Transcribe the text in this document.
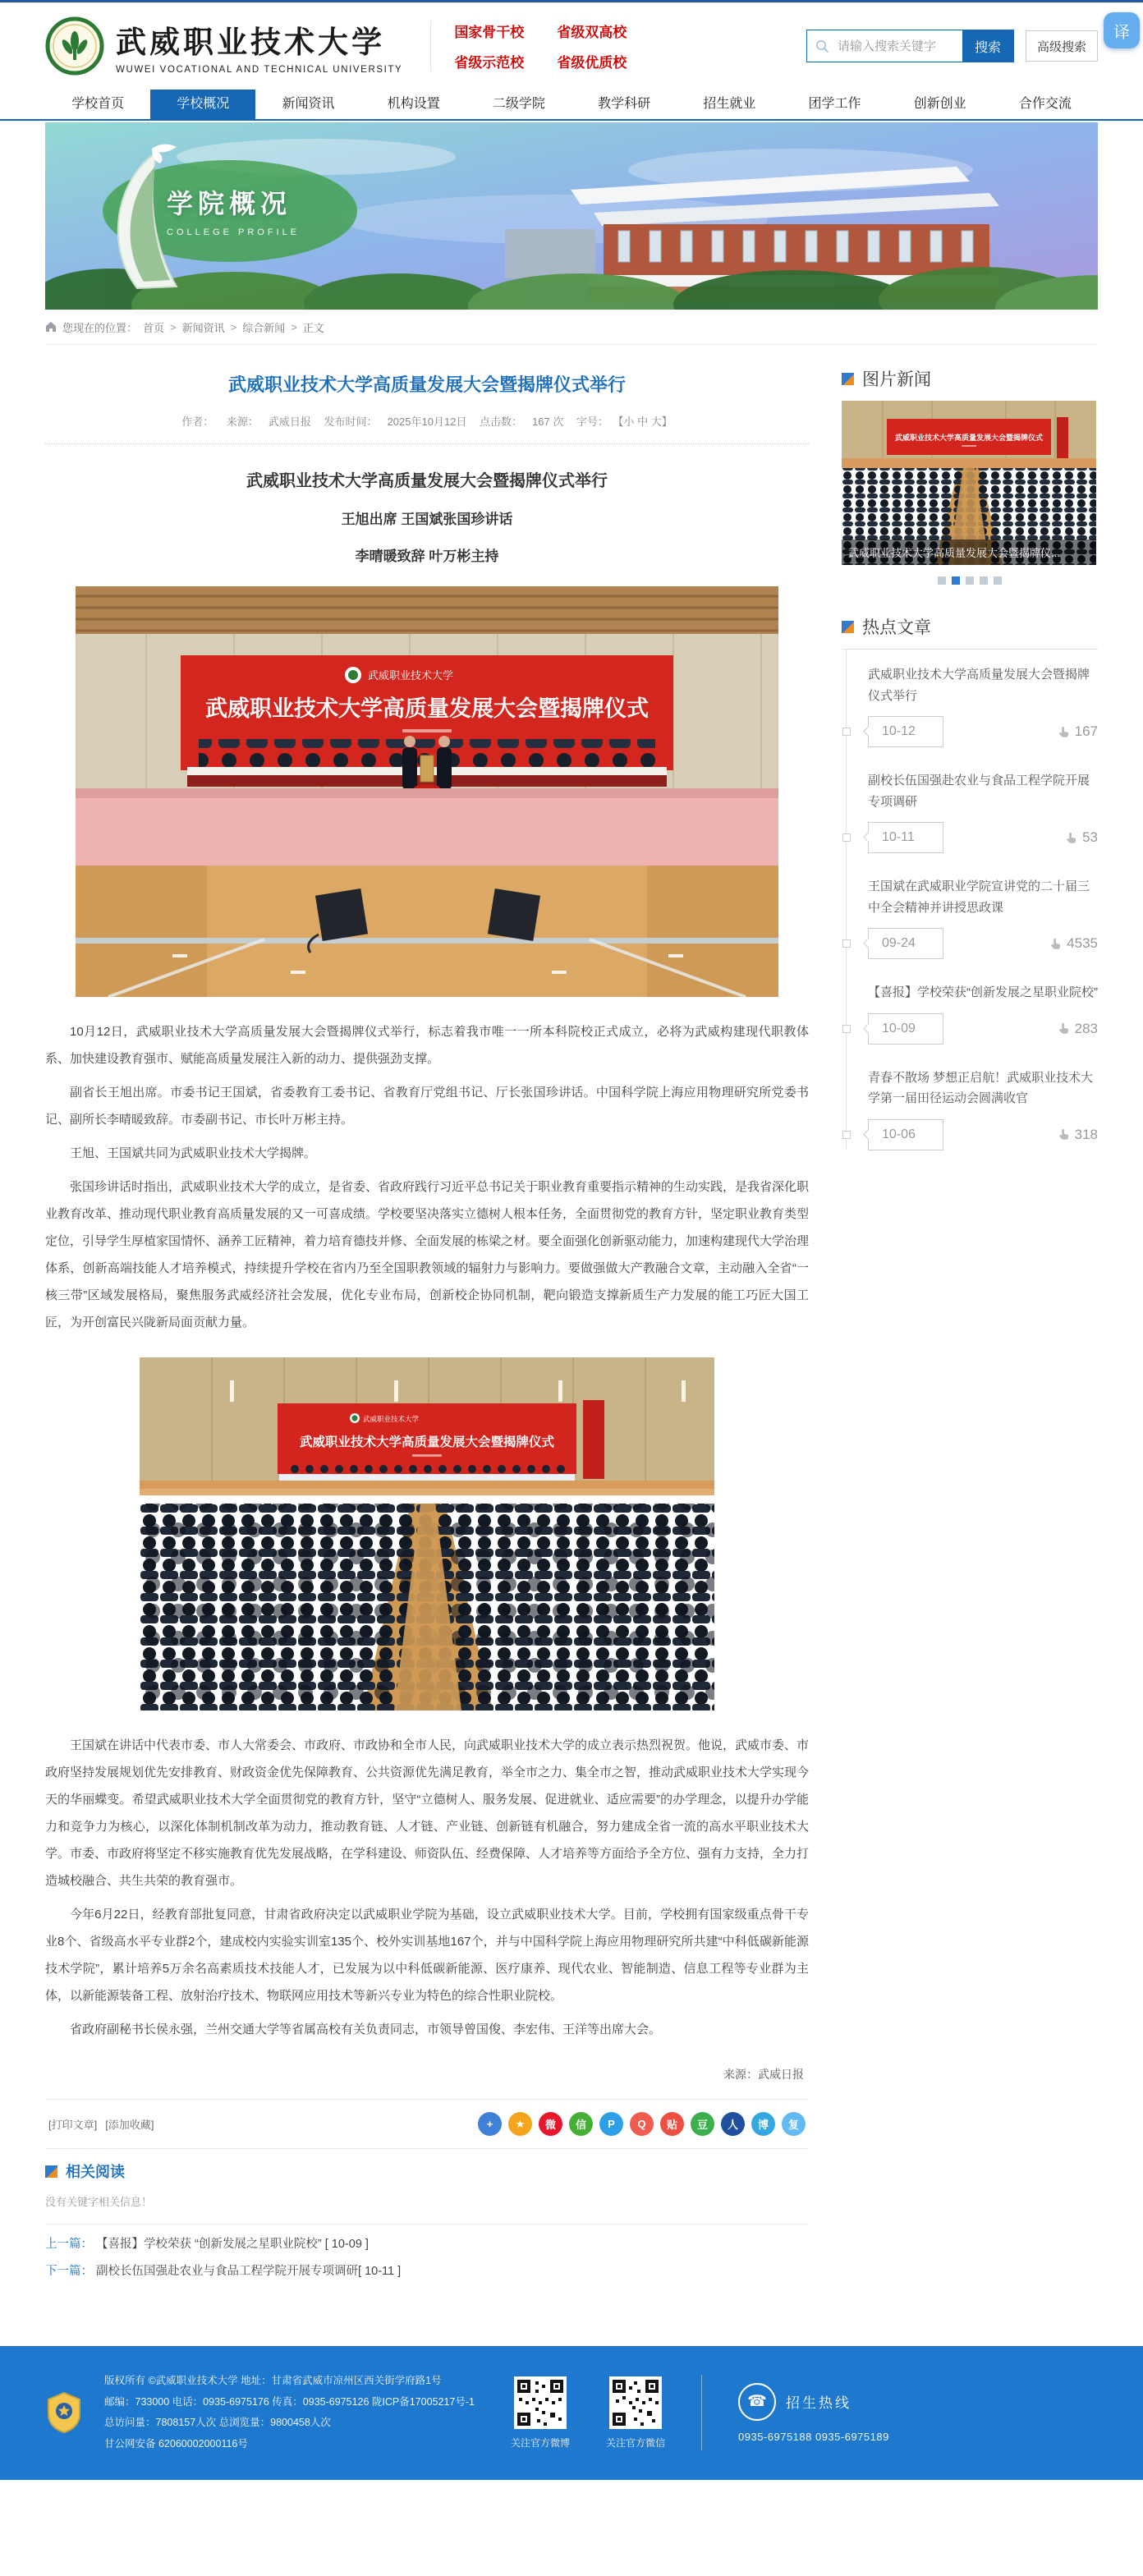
武威职业技术大学
WUWEI VOCATIONAL AND TECHNICAL UNIVERSITY
国家骨干校 省级双高校
省级示范校 省级优质校
请输入搜索关键字
搜索	高级搜索
译
学校首页	学校概况	新闻资讯	机构设置	二级学院	教学科研	招生就业	团学工作	创新创业	合作交流
学院概况
COLLEGE PROFILE
您现在的位置： 首页 > 新闻资讯 > 综合新闻 > 正文
武威职业技术大学高质量发展大会暨揭牌仪式举行
作者： 来源： 武威日报 发布时间： 2025年10月12日 点击数： 167 次 字号： 【小 中 大】
武威职业技术大学高质量发展大会暨揭牌仪式举行
王旭出席 王国斌张国珍讲话
李晴暖致辞 叶万彬主持
武威职业技术大学
武威职业技术大学高质量发展大会暨揭牌仪式

10月12日，武威职业技术大学高质量发展大会暨揭牌仪式举行，标志着我市唯一一所本科院校正式成立，必将为武威构建现代职教体系、加快建设教育强市、赋能高质量发展注入新的动力、提供强劲支撑。

副省长王旭出席。市委书记王国斌，省委教育工委书记、省教育厅党组书记、厅长张国珍讲话。中国科学院上海应用物理研究所党委书记、副所长李晴暖致辞。市委副书记、市长叶万彬主持。

王旭、王国斌共同为武威职业技术大学揭牌。

张国珍讲话时指出，武威职业技术大学的成立，是省委、省政府践行习近平总书记关于职业教育重要指示精神的生动实践，是我省深化职业教育改革、推动现代职业教育高质量发展的又一可喜成绩。学校要坚决落实立德树人根本任务，全面贯彻党的教育方针，坚定职业教育类型定位，引导学生厚植家国情怀、涵养工匠精神，着力培育德技并修、全面发展的栋梁之材。要全面强化创新驱动能力，加速构建现代大学治理体系，创新高端技能人才培养模式，持续提升学校在省内乃至全国职教领域的辐射力与影响力。要做强做大产教融合文章，主动融入全省“一核三带”区域发展格局，聚焦服务武威经济社会发展，优化专业布局，创新校企协同机制，靶向锻造支撑新质生产力发展的能工巧匠大国工匠，为开创富民兴陇新局面贡献力量。

武威职业技术大学
武威职业技术大学高质量发展大会暨揭牌仪式

王国斌在讲话中代表市委、市人大常委会、市政府、市政协和全市人民，向武威职业技术大学的成立表示热烈祝贺。他说，武威市委、市政府坚持发展规划优先安排教育、财政资金优先保障教育、公共资源优先满足教育，举全市之力、集全市之智，推动武威职业技术大学实现今天的华丽蝶变。希望武威职业技术大学全面贯彻党的教育方针，坚守“立德树人、服务发展、促进就业、适应需要”的办学理念，以提升办学能力和竞争力为核心，以深化体制机制改革为动力，推动教育链、人才链、产业链、创新链有机融合，努力建成全省一流的高水平职业技术大学。市委、市政府将坚定不移实施教育优先发展战略，在学科建设、师资队伍、经费保障、人才培养等方面给予全方位、强有力支持，全力打造城校融合、共生共荣的教育强市。

今年6月22日，经教育部批复同意，甘肃省政府决定以武威职业学院为基础，设立武威职业技术大学。目前，学校拥有国家级重点骨干专业8个、省级高水平专业群2个，建成校内实验实训室135个、校外实训基地167个，并与中国科学院上海应用物理研究所共建“中科低碳新能源技术学院”，累计培养5万余名高素质技术技能人才，已发展为以中科低碳新能源、医疗康养、现代农业、智能制造、信息工程等专业群为主体，以新能源装备工程、放射治疗技术、物联网应用技术等新兴专业为特色的综合性职业院校。

省政府副秘书长侯永强，兰州交通大学等省属高校有关负责同志，市领导曾国俊、李宏伟、王洋等出席大会。

来源：武威日报
[打印文章] [添加收藏]	+	★	微	信	P	Q	贴	豆	人	博	复
相关阅读
没有关键字相关信息！
上一篇： 【喜报】学校荣获 “创新发展之星职业院校” [ 10-09 ]
下一篇： 副校长伍国强赴农业与食品工程学院开展专项调研[ 10-11 ]
图片新闻
武威职业技术大学高质量发展大会暨揭牌仪式
武威职业技术大学高质量发展大会暨揭牌仪...
热点文章
武威职业技术大学高质量发展大会暨揭牌仪式举行
10-12	167
副校长伍国强赴农业与食品工程学院开展专项调研
10-11	53
王国斌在武威职业学院宣讲党的二十届三中全会精神并讲授思政课
09-24	4535
【喜报】学校荣获“创新发展之星职业院校”
10-09	283
青春不散场 梦想正启航！武威职业技术大学第一届田径运动会圆满收官
10-06	318
版权所有 ©武威职业技术大学 地址：甘肃省武威市凉州区西关街学府路1号
邮编：733000 电话：0935-6975176 传真：0935-6975126 陇ICP备17005217号-1
总访问量：7808157人次 总浏览量：9800458人次
甘公网安备 62060002000116号	关注官方微博	关注官方微信
☎	招生热线
0935-6975188 0935-6975189
